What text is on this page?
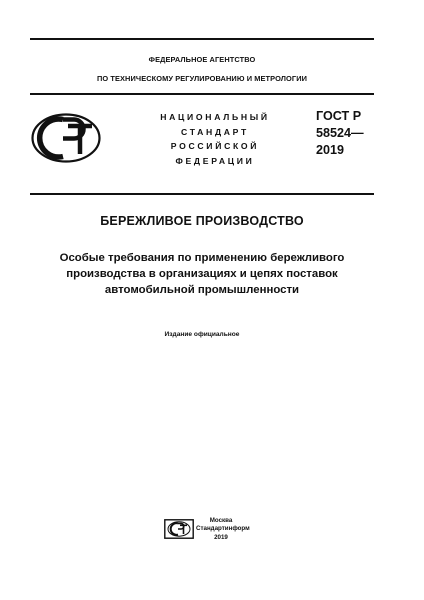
ФЕДЕРАЛЬНОЕ АГЕНТСТВО
ПО ТЕХНИЧЕСКОМУ РЕГУЛИРОВАНИЮ И МЕТРОЛОГИИ
НАЦИОНАЛЬНЫЙ
СТАНДАРТ
РОССИЙСКОЙ
ФЕДЕРАЦИИ
ГОСТ Р
58524—
2019
БЕРЕЖЛИВОЕ ПРОИЗВОДСТВО
Особые требования по применению бережливого
производства в организациях и цепях поставок
автомобильной промышленности
Издание официальное
Москва
Стандартинформ
2019
